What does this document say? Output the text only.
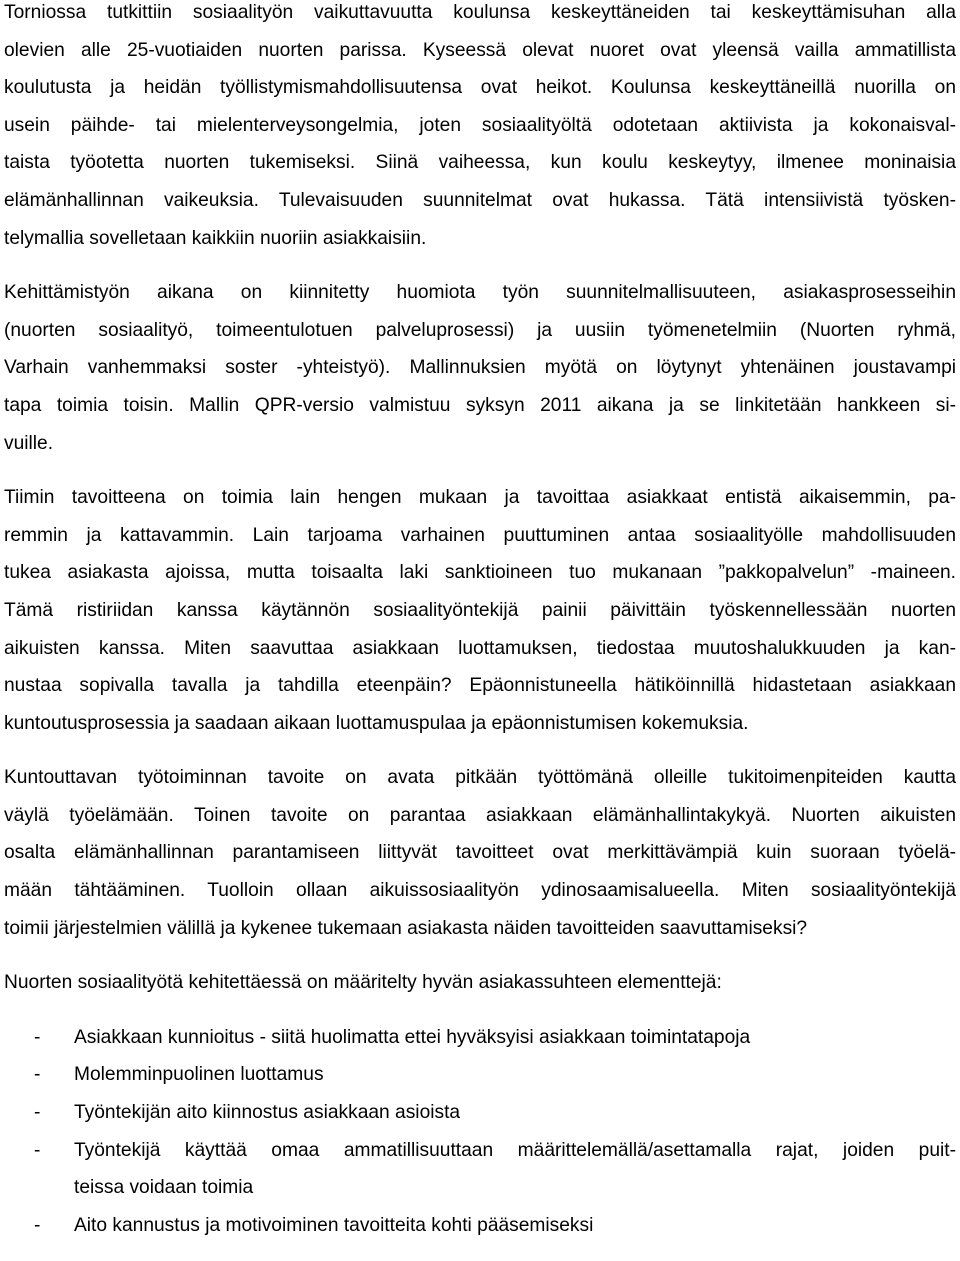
Torniossa tutkittiin sosiaalityön vaikuttavuutta koulunsa keskeyttäneiden tai keskeyttämisuhan alla
olevien alle 25-vuotiaiden nuorten parissa. Kyseessä olevat nuoret ovat yleensä vailla ammatillista
koulutusta ja heidän työllistymismahdollisuutensa ovat heikot. Koulunsa keskeyttäneillä nuorilla on
usein päihde- tai mielenterveysongelmia, joten sosiaalityöltä odotetaan aktiivista ja kokonaisval-
taista työotetta nuorten tukemiseksi. Siinä vaiheessa, kun koulu keskeytyy, ilmenee moninaisia
elämänhallinnan vaikeuksia. Tulevaisuuden suunnitelmat ovat hukassa. Tätä intensiivistä työsken-
telymallia sovelletaan kaikkiin nuoriin asiakkaisiin.

Kehittämistyön aikana on kiinnitetty huomiota työn suunnitelmallisuuteen, asiakasprosesseihin
(nuorten sosiaalityö, toimeentulotuen palveluprosessi) ja uusiin työmenetelmiin (Nuorten ryhmä,
Varhain vanhemmaksi soster -yhteistyö). Mallinnuksien myötä on löytynyt yhtenäinen joustavampi
tapa toimia toisin. Mallin QPR-versio valmistuu syksyn 2011 aikana ja se linkitetään hankkeen si-
vuille.

Tiimin tavoitteena on toimia lain hengen mukaan ja tavoittaa asiakkaat entistä aikaisemmin, pa-
remmin ja kattavammin. Lain tarjoama varhainen puuttuminen antaa sosiaalityölle mahdollisuuden
tukea asiakasta ajoissa, mutta toisaalta laki sanktioineen tuo mukanaan ”pakkopalvelun” -maineen.
Tämä ristiriidan kanssa käytännön sosiaalityöntekijä painii päivittäin työskennellessään nuorten
aikuisten kanssa. Miten saavuttaa asiakkaan luottamuksen, tiedostaa muutoshalukkuuden ja kan-
nustaa sopivalla tavalla ja tahdilla eteenpäin? Epäonnistuneella hätiköinnillä hidastetaan asiakkaan
kuntoutusprosessia ja saadaan aikaan luottamuspulaa ja epäonnistumisen kokemuksia.

Kuntouttavan työtoiminnan tavoite on avata pitkään työttömänä olleille tukitoimenpiteiden kautta
väylä työelämään. Toinen tavoite on parantaa asiakkaan elämänhallintakykyä. Nuorten aikuisten
osalta elämänhallinnan parantamiseen liittyvät tavoitteet ovat merkittävämpiä kuin suoraan työelä-
mään tähtääminen. Tuolloin ollaan aikuissosiaalityön ydinosaamisalueella. Miten sosiaalityöntekijä
toimii järjestelmien välillä ja kykenee tukemaan asiakasta näiden tavoitteiden saavuttamiseksi?

Nuorten sosiaalityötä kehitettäessä on määritelty hyvän asiakassuhteen elementtejä:

- Asiakkaan kunnioitus - siitä huolimatta ettei hyväksyisi asiakkaan toimintatapoja
- Molemminpuolinen luottamus
- Työntekijän aito kiinnostus asiakkaan asioista
- Työntekijä käyttää omaa ammatillisuuttaan määrittelemällä/asettamalla rajat, joiden puit-
teissa voidaan toimia
- Aito kannustus ja motivoiminen tavoitteita kohti pääsemiseksi
